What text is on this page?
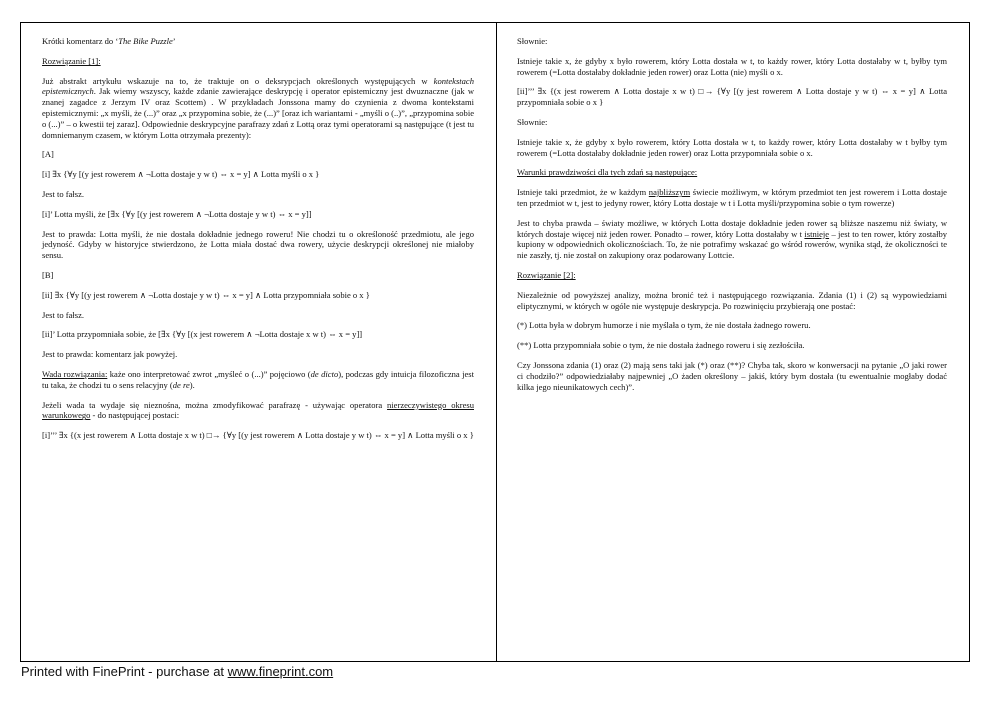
Krótki komentarz do ‘The Bike Puzzle’

Rozwiązanie [1]:

Już abstrakt artykułu wskazuje na to, że traktuje on o deksrypcjach określonych występujących w kontekstach epistemicznych. Jak wiemy wszyscy, każde zdanie zawierające deskrypcję i operator epistemiczny jest dwuznaczne (jak w znanej zagadce z Jerzym IV oraz Scottem) . W przykładach Jonssona mamy do czynienia z dwoma kontekstami epistemicznymi: „x myśli, że (...)” oraz „x przypomina sobie, że (...)” [oraz ich wariantami - „myśli o (..)”, „przypomina sobie o (...)” – o kwestii tej zaraz]. Odpowiednie deskrypcyjne parafrazy zdań z Lottą oraz tymi operatorami są następujące (t jest tu domniemanym czasem, w którym Lotta otrzymała prezenty):

[A]

[i] ∃x {∀y [(y jest rowerem ∧ ¬Lotta dostaje y w t) ⇔ x = y] ∧ Lotta myśli o x }

Jest to fałsz.

[i]’ Lotta myśli, że [∃x {∀y [(y jest rowerem ∧ ¬Lotta dostaje y w t) ⇔ x = y]]

Jest to prawda: Lotta myśli, że nie dostała dokładnie jednego roweru! Nie chodzi tu o określoność przedmiotu, ale jego jedyność. Gdyby w historyjce stwierdzono, że Lotta miała dostać dwa rowery, użycie deskrypcji określonej nie miałoby sensu.

[B]

[ii] ∃x {∀y [(y jest rowerem ∧ ¬Lotta dostaje y w t) ⇔ x = y] ∧ Lotta przypomniała sobie o x }

Jest to fałsz.

[ii]’ Lotta przypomniała sobie, że [∃x {∀y [(x jest rowerem ∧ ¬Lotta dostaje x w t) ⇔ x = y]]

Jest to prawda: komentarz jak powyżej.

Wada rozwiązania: każe ono interpretować zwrot „myśleć o (...)” pojęciowo (de dicto), podczas gdy intuicja filozoficzna jest tu taka, że chodzi tu o sens relacyjny (de re).

Jeżeli wada ta wydaje się nieznośna, można zmodyfikować parafrazę - używając operatora nierzeczywistego okresu warunkowego - do następującej postaci:

[i]’’’ ∃x {(x jest rowerem ∧ Lotta dostaje x w t) □→ {∀y [(y jest rowerem ∧ Lotta dostaje y w t) ⇔ x = y] ∧ Lotta myśli o x }

Słownie:

Istnieje takie x, że gdyby x było rowerem, który Lotta dostała w t, to każdy rower, który Lotta dostałaby w t, byłby tym rowerem (=Lotta dostałaby dokładnie jeden rower) oraz Lotta (nie) myśli o x.

[ii]’’’ ∃x {(x jest rowerem ∧ Lotta dostaje x w t) □→ {∀y [(y jest rowerem ∧ Lotta dostaje y w t) ⇔ x = y] ∧ Lotta przypomniała sobie o x }

Słownie:

Istnieje takie x, że gdyby x było rowerem, który Lotta dostała w t, to każdy rower, który Lotta dostałaby w t byłby tym rowerem (=Lotta dostałaby dokładnie jeden rower) oraz Lotta przypomniała sobie o x.

Warunki prawdziwości dla tych zdań są następujące:

Istnieje taki przedmiot, że w każdym najbliższym świecie możliwym, w którym przedmiot ten jest rowerem i Lotta dostaje ten przedmiot w t, jest to jedyny rower, który Lotta dostaje w t i Lotta myśli/przypomina sobie o tym rowerze)

Jest to chyba prawda – światy możliwe, w których Lotta dostaje dokładnie jeden rower są bliższe naszemu niż światy, w których dostaje więcej niż jeden rower. Ponadto – rower, który Lotta dostałaby w t istnieje – jest to ten rower, który zostałby kupiony w odpowiednich okolicznościach. To, że nie potrafimy wskazać go wśród rowerów, wynika stąd, że okoliczności te nie zaszły, tj. nie został on zakupiony oraz podarowany Lottcie.

Rozwiązanie [2]:

Niezależnie od powyższej analizy, można bronić też i następującego rozwiązania. Zdania (1) i (2) są wypowiedziami eliptycznymi, w których w ogóle nie występuje deskrypcja. Po rozwinięciu przybierają one postać:

(*) Lotta była w dobrym humorze i nie myślała o tym, że nie dostała żadnego roweru.

(**) Lotta przypomniała sobie o tym, że nie dostała żadnego roweru i się zezłościła.

Czy Jonssona zdania (1) oraz (2) mają sens taki jak (*) oraz (**)? Chyba tak, skoro w konwersacji na pytanie „O jaki rower ci chodziło?” odpowiedziałaby najpewniej „O żaden określony – jakiś, który bym dostała (tu ewentualnie mogłaby dodać kilka jego nieunikatowych cech)”.

Printed with FinePrint - purchase at www.fineprint.com
